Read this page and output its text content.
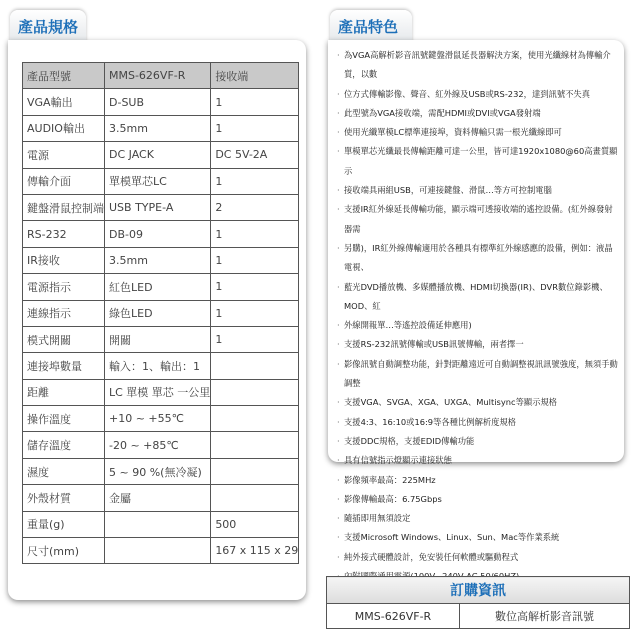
產品規格
產品型號	MMS-626VF-R	接收端
VGA輸出	D-SUB	1
AUDIO輸出	3.5mm	1
電源	DC JACK	DC 5V-2A
傳輸介面	單模單芯LC	1
鍵盤滑鼠控制端	USB TYPE-A	2
RS-232	DB-09	1
IR接收	3.5mm	1
電源指示	紅色LED	1
連線指示	綠色LED	1
模式開關	開關	1
連接埠數量	輸入：1、輸出：1	
距離	LC 單模 單芯 一公里	
操作溫度	+10 ~ +55℃	
儲存溫度	-20 ~ +85℃	
濕度	5 ~ 90 %(無冷凝)	
外殼材質	金屬	
重量(g)		500
尺寸(mm)		167 x 115 x 29
產品特色
· 為VGA高解析影音訊號鍵盤滑鼠延長器解決方案，使用光纖線材為傳輸介質，以數
· 位方式傳輸影像、聲音、紅外線及USB或RS-232，達到訊號不失真
· 此型號為VGA接收端，需配HDMI或DVI或VGA發射端
· 使用光纖單模LC標準連接埠，資料傳輸只需一根光纖線即可
· 單模單芯光纖最長傳輸距離可達一公里，皆可達1920x1080@60高畫質顯示
· 接收端具兩組USB，可連接鍵盤、滑鼠…等方可控制電腦
· 支援IR紅外線延長傳輸功能，顯示端可透接收端的遙控設備。(紅外線發射器需
· 另購)，IR紅外線傳輸適用於各種具有標準紅外線感應的設備，例如：液晶電視、
· 藍光DVD播放機、多媒體播放機、HDMI切換器(IR)、DVR數位錄影機、MOD、紅
· 外線開報單…等遙控設備延伸應用)
· 支援RS-232訊號傳輸或USB訊號傳輸，兩者擇一
· 影像訊號自動調整功能，針對距離遠近可自動調整視訊訊號強度，無須手動調整
· 支援VGA、SVGA、XGA、UXGA、Multisync等顯示規格
· 支援4:3、16:10或16:9等各種比例解析度規格
· 支援DDC規格，支援EDID傳輸功能
· 具有信號指示燈顯示連接狀態
· 影像頻率最高：225MHz
· 影像傳輸最高：6.75Gbps
· 隨插即用無須設定
· 支援Microsoft Windows、Linux、Sun、Mac等作業系統
· 純外接式硬體設計，免安裝任何軟體或驅動程式
·
訂購資訊
MMS-626VF-R	數位高解析影音訊號
